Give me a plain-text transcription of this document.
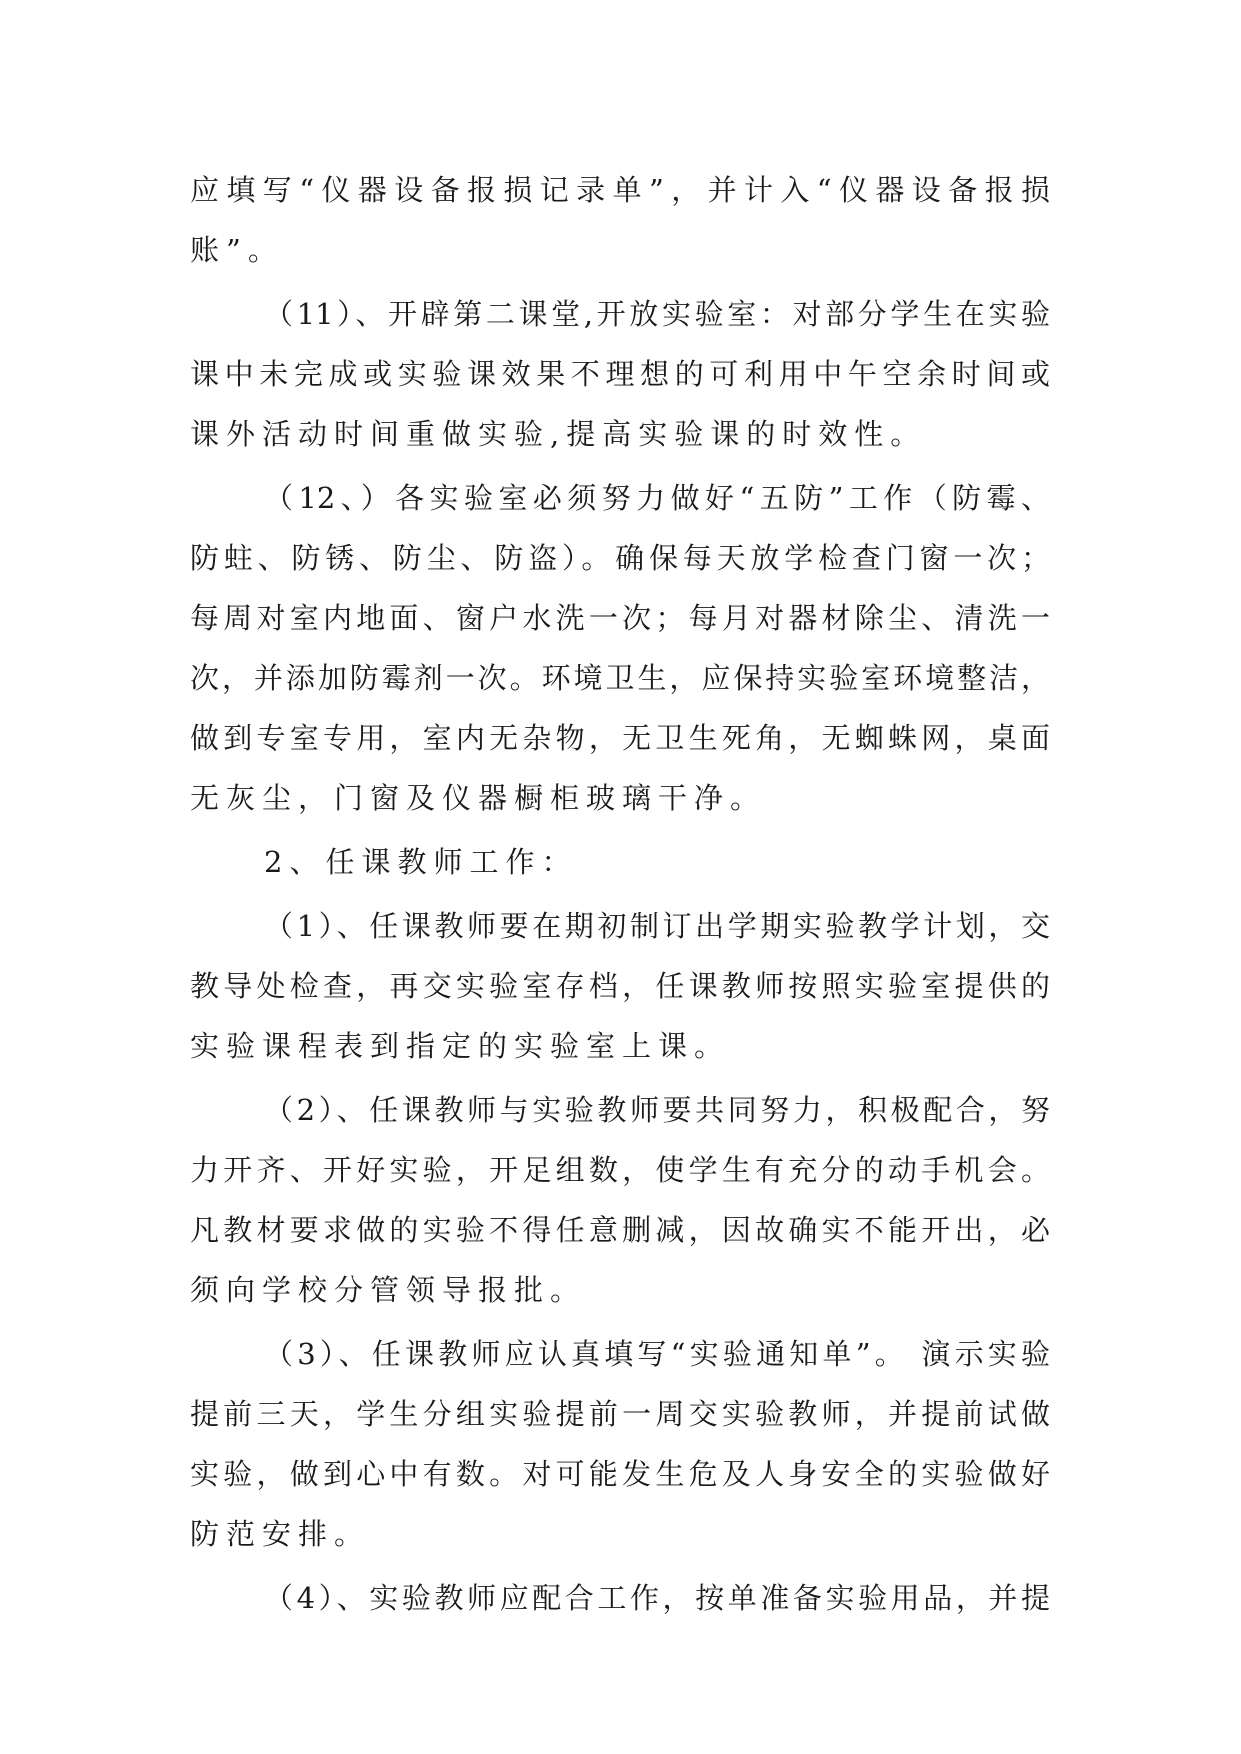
应填写“仪器设备报损记录单”，并计入“仪器设备报损

账”。

（11）、开辟第二课堂,开放实验室：对部分学生在实验

课中未完成或实验课效果不理想的可利用中午空余时间或

课外活动时间重做实验,提高实验课的时效性。

（12、）各实验室必须努力做好“五防”工作（防霉、

防蛀、防锈、防尘、防盗）。确保每天放学检查门窗一次；

每周对室内地面、窗户水洗一次；每月对器材除尘、清洗一

次，并添加防霉剂一次。环境卫生，应保持实验室环境整洁，

做到专室专用，室内无杂物，无卫生死角，无蜘蛛网，桌面

无灰尘，门窗及仪器橱柜玻璃干净。

2、任课教师工作：

（1）、任课教师要在期初制订出学期实验教学计划，交

教导处检查，再交实验室存档，任课教师按照实验室提供的

实验课程表到指定的实验室上课。

（2）、任课教师与实验教师要共同努力，积极配合，努

力开齐、开好实验，开足组数，使学生有充分的动手机会。

凡教材要求做的实验不得任意删减，因故确实不能开出，必

须向学校分管领导报批。

（3）、任课教师应认真填写“实验通知单”。 演示实验

提前三天，学生分组实验提前一周交实验教师，并提前试做

实验，做到心中有数。对可能发生危及人身安全的实验做好

防范安排。

（4）、实验教师应配合工作，按单准备实验用品，并提
